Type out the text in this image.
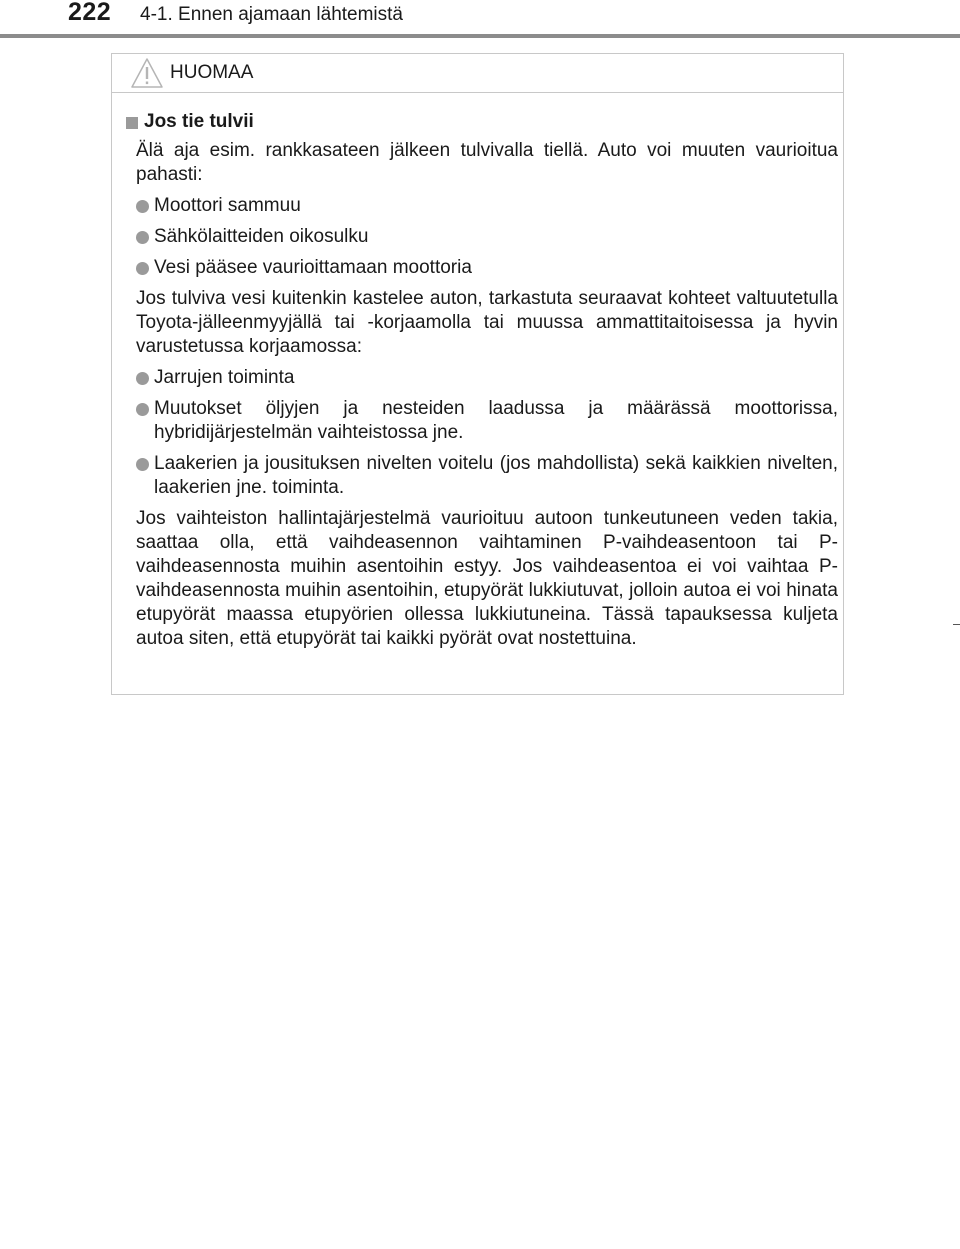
222 4-1. Ennen ajamaan lähtemistä
HUOMAA
Jos tie tulvii
Älä aja esim. rankkasateen jälkeen tulvivalla tiellä. Auto voi muuten vaurioitua pahasti:
Moottori sammuu
Sähkölaitteiden oikosulku
Vesi pääsee vaurioittamaan moottoria
Jos tulviva vesi kuitenkin kastelee auton, tarkastuta seuraavat kohteet valtuutetulla Toyota-jälleenmyyjällä tai -korjaamolla tai muussa ammattitaitoisessa ja hyvin varustetussa korjaamossa:
Jarrujen toiminta
Muutokset öljyjen ja nesteiden laadussa ja määrässä moottorissa, hybridijärjestelmän vaihteistossa jne.
Laakerien ja jousituksen nivelten voitelu (jos mahdollista) sekä kaikkien nivelten, laakerien jne. toiminta.
Jos vaihteiston hallintajärjestelmä vaurioituu autoon tunkeutuneen veden takia, saattaa olla, että vaihdeasennon vaihtaminen P-vaihdeasentoon tai P-vaihdeasennosta muihin asentoihin estyy. Jos vaihdeasentoa ei voi vaihtaa P-vaihdeasennosta muihin asentoihin, etupyörät lukkiutuvat, jolloin autoa ei voi hinata etupyörät maassa etupyörien ollessa lukkiutuneina. Tässä tapauksessa kuljeta autoa siten, että etupyörät tai kaikki pyörät ovat nostettuina.
